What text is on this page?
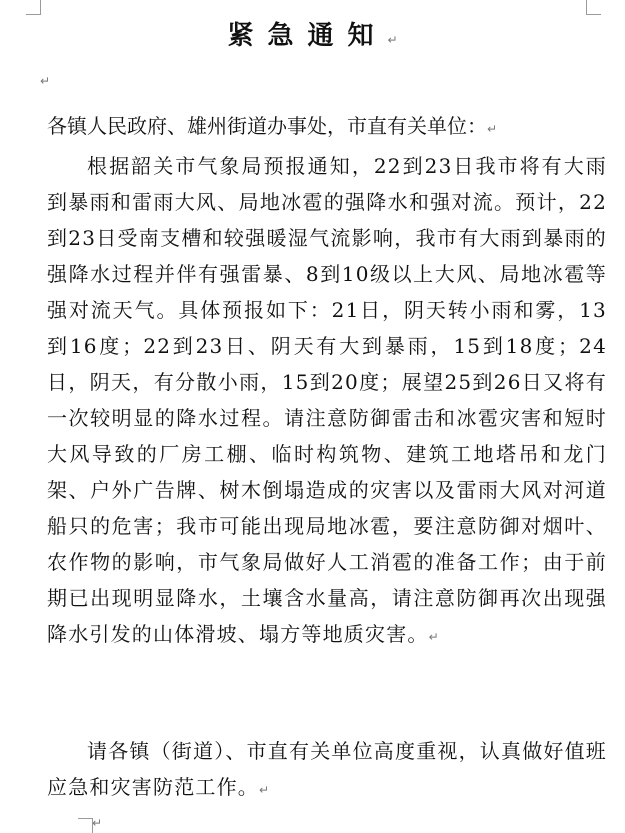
紧急通知↵
↵
各镇人民政府、雄州街道办事处，市直有关单位：↵
根据韶关市气象局预报通知，22到23日我市将有大雨到暴雨和雷雨大风、局地冰雹的强降水和强对流。预计，22到23日受南支槽和较强暖湿气流影响，我市有大雨到暴雨的强降水过程并伴有强雷暴、8到10级以上大风、局地冰雹等强对流天气。具体预报如下：21日，阴天转小雨和雾，13到16度；22到23日、阴天有大到暴雨，15到18度；24日，阴天，有分散小雨，15到20度；展望25到26日又将有一次较明显的降水过程。请注意防御雷击和冰雹灾害和短时大风导致的厂房工棚、临时构筑物、建筑工地塔吊和龙门架、户外广告牌、树木倒塌造成的灾害以及雷雨大风对河道船只的危害；我市可能出现局地冰雹，要注意防御对烟叶、农作物的影响，市气象局做好人工消雹的准备工作；由于前期已出现明显降水，土壤含水量高，请注意防御再次出现强降水引发的山体滑坡、塌方等地质灾害。↵
请各镇（街道）、市直有关单位高度重视，认真做好值班应急和灾害防范工作。↵
↵
